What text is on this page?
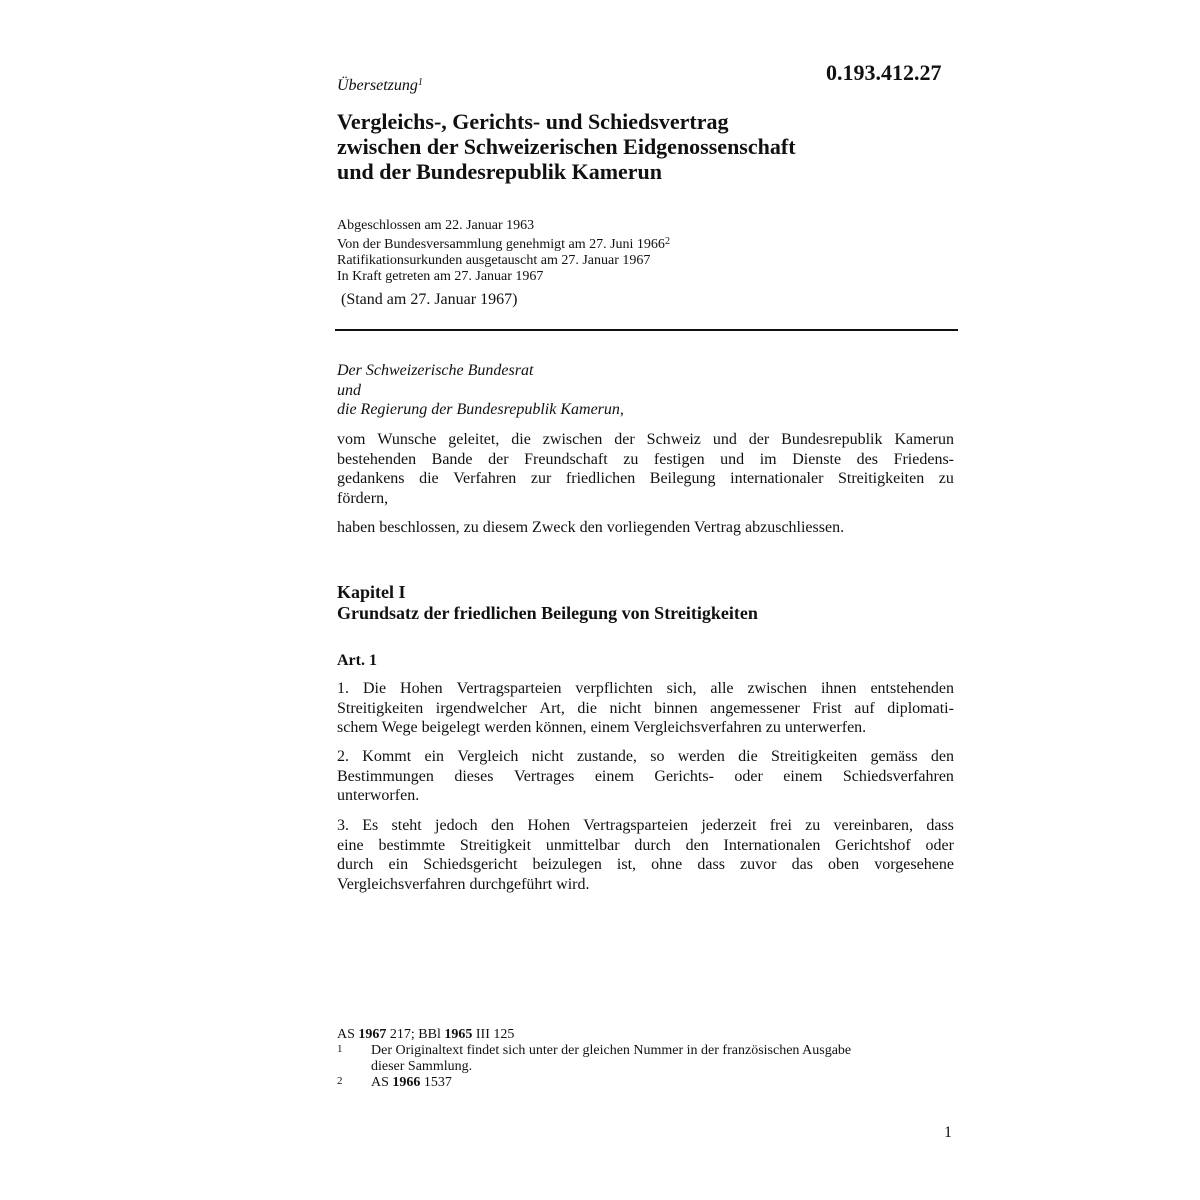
0.193.412.27
Übersetzung$^1$
Vergleichs-, Gerichts- und Schiedsvertrag
zwischen der Schweizerischen Eidgenossenschaft
und der Bundesrepublik Kamerun
Abgeschlossen am 22. Januar 1963
Von der Bundesversammlung genehmigt am 27. Juni 1966$^2$
Ratifikationsurkunden ausgetauscht am 27. Januar 1967
In Kraft getreten am 27. Januar 1967
(Stand am 27. Januar 1967)
Der Schweizerische Bundesrat
und
die Regierung der Bundesrepublik Kamerun,
vom Wunsche geleitet, die zwischen der Schweiz und der Bundesrepublik Kamerun
bestehenden Bande der Freundschaft zu festigen und im Dienste des Friedens-
gedankens die Verfahren zur friedlichen Beilegung internationaler Streitigkeiten zu
fördern,
haben beschlossen, zu diesem Zweck den vorliegenden Vertrag abzuschliessen.
Kapitel I
Grundsatz der friedlichen Beilegung von Streitigkeiten
Art. 1
1. Die Hohen Vertragsparteien verpflichten sich, alle zwischen ihnen entstehenden
Streitigkeiten irgendwelcher Art, die nicht binnen angemessener Frist auf diplomati-
schem Wege beigelegt werden können, einem Vergleichsverfahren zu unterwerfen.
2. Kommt ein Vergleich nicht zustande, so werden die Streitigkeiten gemäss den
Bestimmungen dieses Vertrages einem Gerichts- oder einem Schiedsverfahren
unterworfen.
3. Es steht jedoch den Hohen Vertragsparteien jederzeit frei zu vereinbaren, dass
eine bestimmte Streitigkeit unmittelbar durch den Internationalen Gerichtshof oder
durch ein Schiedsgericht beizulegen ist, ohne dass zuvor das oben vorgesehene
Vergleichsverfahren durchgeführt wird.
AS 1967 217; BBl 1965 III 125
1 Der Originaltext findet sich unter der gleichen Nummer in der französischen Ausgabe
dieser Sammlung.
2 AS 1966 1537
1
